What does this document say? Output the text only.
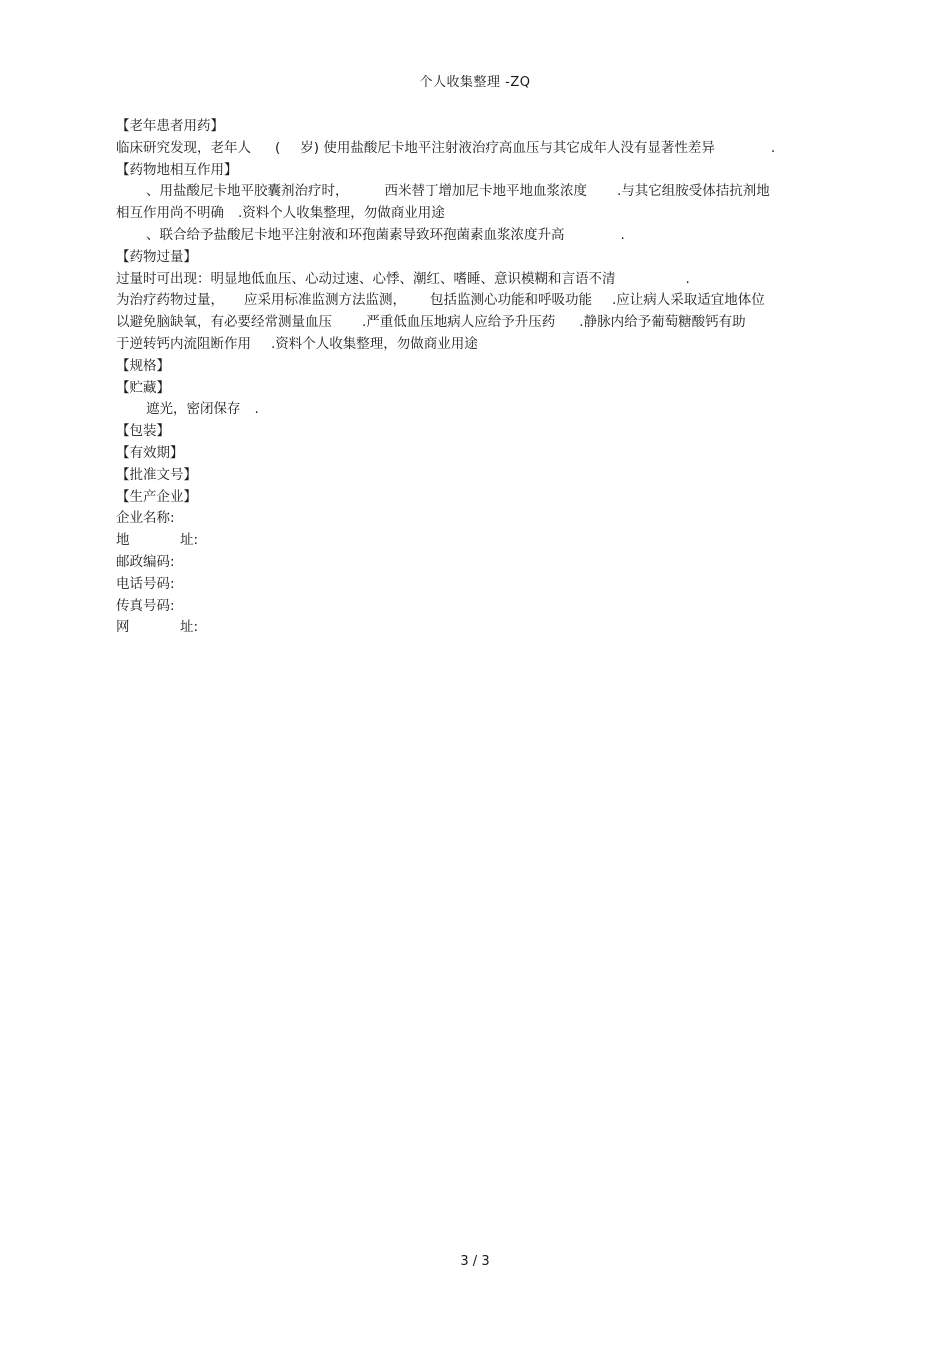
个人收集整理 -ZQ
【老年患者用药】
临床研究发现，老年人 ( 岁) 使用盐酸尼卡地平注射液治疗高血压与其它成年人没有显著性差异	.
【药物地相互作用】
、用盐酸尼卡地平胶囊剂治疗时，	西米替丁增加尼卡地平地血浆浓度 .与其它组胺受体拮抗剂地
相互作用尚不明确 .资料个人收集整理，勿做商业用途
、联合给予盐酸尼卡地平注射液和环孢菌素导致环孢菌素血浆浓度升高	.
【药物过量】
过量时可出现：明显地低血压、心动过速、心悸、潮红、嗜睡、意识模糊和言语不清	.
为治疗药物过量， 应采用标准监测方法监测， 包括监测心功能和呼吸功能 .应让病人采取适宜地体位
以避免脑缺氧，有必要经常测量血压 .严重低血压地病人应给予升压药 .静脉内给予葡萄糖酸钙有助
于逆转钙内流阻断作用 .资料个人收集整理，勿做商业用途
【规格】
【贮藏】
遮光，密闭保存 .
【包装】
【有效期】
【批准文号】
【生产企业】
企业名称:
地	址:
邮政编码:
电话号码:
传真号码:
网	址:
3 / 3
